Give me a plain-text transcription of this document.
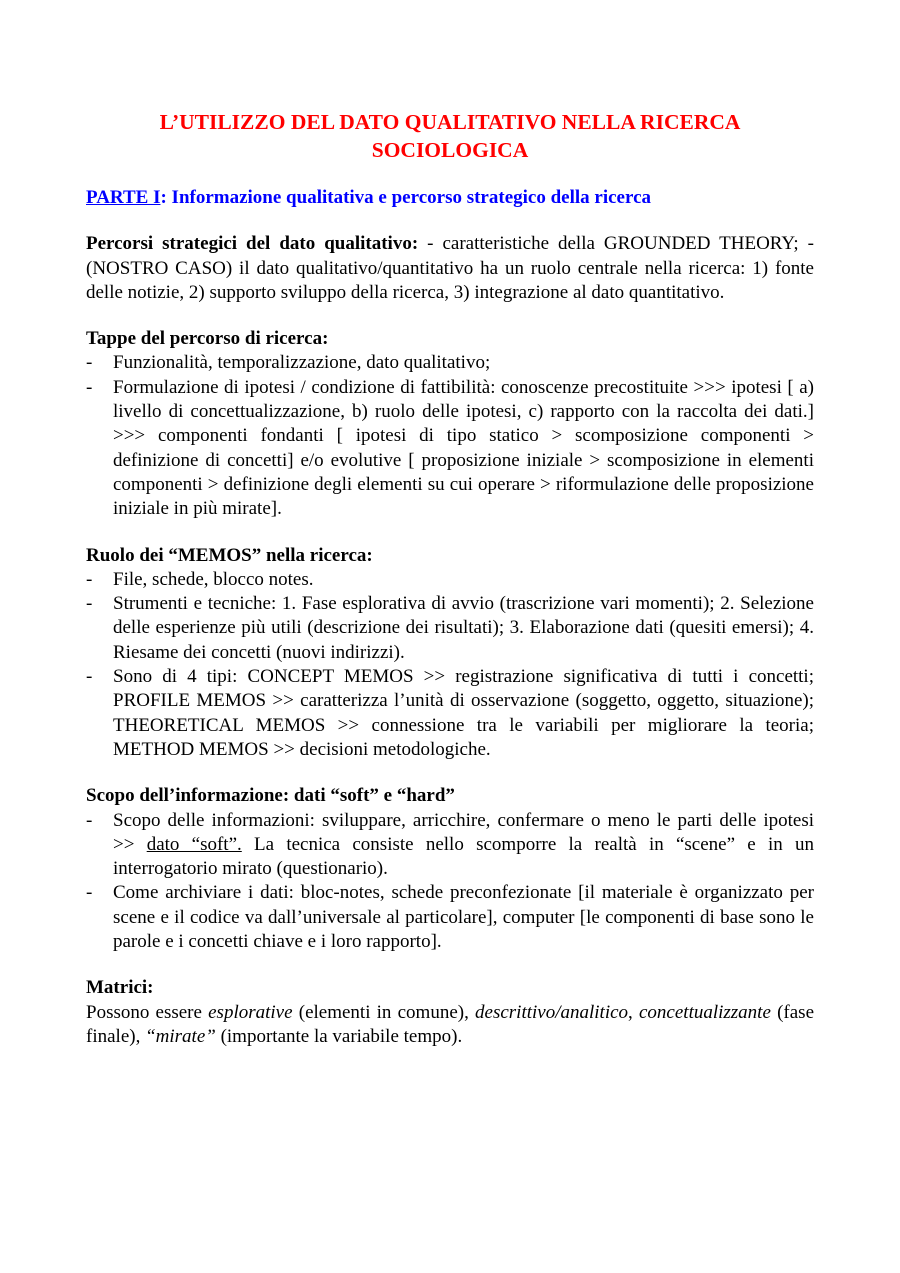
L’UTILIZZO DEL DATO QUALITATIVO NELLA RICERCA SOCIOLOGICA
PARTE I: Informazione qualitativa e percorso strategico della ricerca

Percorsi strategici del dato qualitativo: - caratteristiche della GROUNDED THEORY; - (NOSTRO CASO) il dato qualitativo/quantitativo ha un ruolo centrale nella ricerca: 1) fonte delle notizie, 2) supporto sviluppo della ricerca, 3) integrazione al dato quantitativo.

Tappe del percorso di ricerca:
- Funzionalità, temporalizzazione, dato qualitativo;
- Formulazione di ipotesi / condizione di fattibilità: conoscenze precostituite >>> ipotesi [ a) livello di concettualizzazione, b) ruolo delle ipotesi, c) rapporto con la raccolta dei dati.] >>> componenti fondanti [ ipotesi di tipo statico > scomposizione componenti > definizione di concetti] e/o evolutive [ proposizione iniziale > scomposizione in elementi componenti > definizione degli elementi su cui operare > riformulazione delle proposizione iniziale in più mirate].
Ruolo dei “MEMOS” nella ricerca:
- File, schede, blocco notes.
- Strumenti e tecniche: 1. Fase esplorativa di avvio (trascrizione vari momenti); 2. Selezione delle esperienze più utili (descrizione dei risultati); 3. Elaborazione dati (quesiti emersi); 4. Riesame dei concetti (nuovi indirizzi).
- Sono di 4 tipi: CONCEPT MEMOS >> registrazione significativa di tutti i concetti; PROFILE MEMOS >> caratterizza l’unità di osservazione (soggetto, oggetto, situazione); THEORETICAL MEMOS >> connessione tra le variabili per migliorare la teoria; METHOD MEMOS >> decisioni metodologiche.
Scopo dell’informazione: dati “soft” e “hard”
- Scopo delle informazioni: sviluppare, arricchire, confermare o meno le parti delle ipotesi >> dato “soft”. La tecnica consiste nello scomporre la realtà in “scene” e in un interrogatorio mirato (questionario).
- Come archiviare i dati: bloc-notes, schede preconfezionate [il materiale è organizzato per scene e il codice va dall’universale al particolare], computer [le componenti di base sono le parole e i concetti chiave e i loro rapporto].
Matrici:

Possono essere esplorative (elementi in comune), descrittivo/analitico, concettualizzante (fase finale), “mirate” (importante la variabile tempo).
